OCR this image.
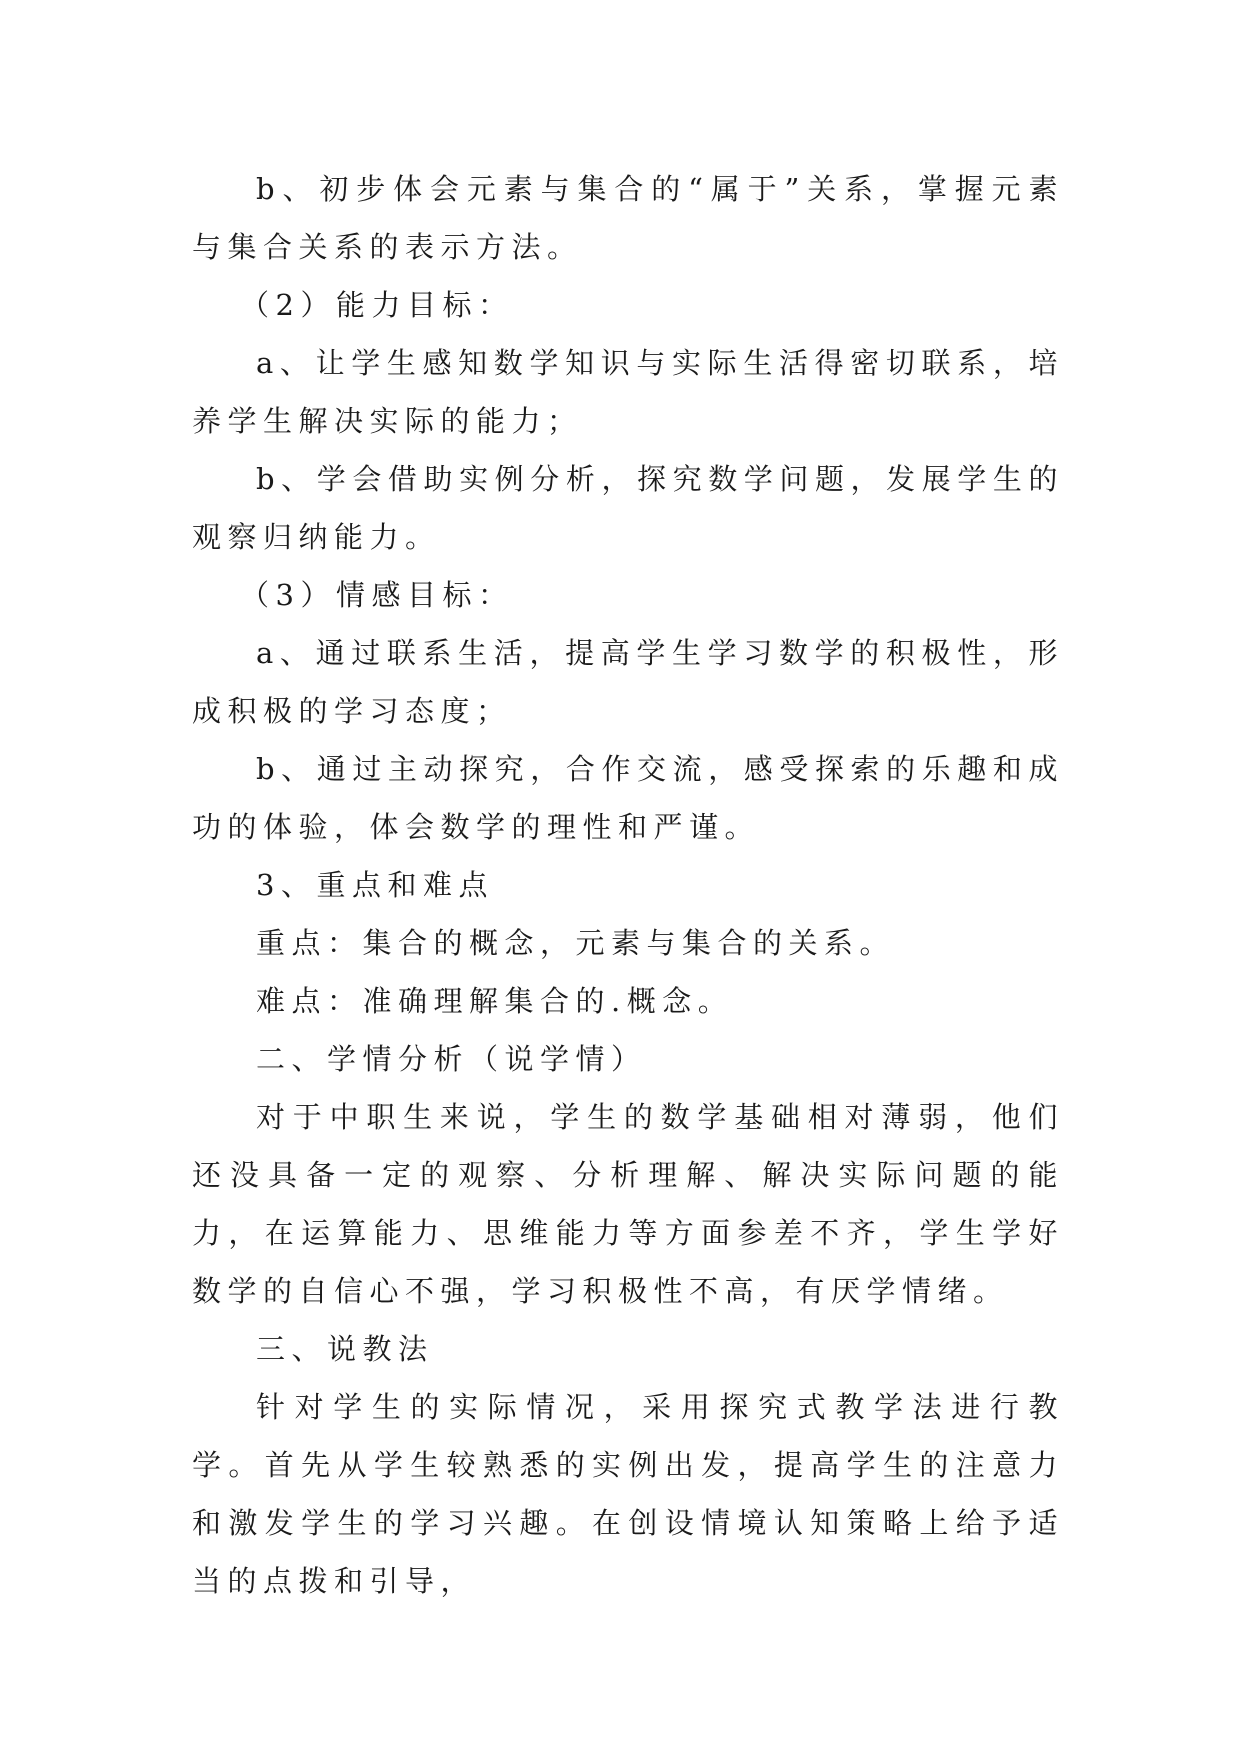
b、初步体会元素与集合的“属于”关系，掌握元素与集合关系的表示方法。

（2）能力目标：

a、让学生感知数学知识与实际生活得密切联系，培养学生解决实际的能力；

b、学会借助实例分析，探究数学问题，发展学生的观察归纳能力。

（3）情感目标：

a、通过联系生活，提高学生学习数学的积极性，形成积极的学习态度；

b、通过主动探究，合作交流，感受探索的乐趣和成功的体验，体会数学的理性和严谨。

3、重点和难点

重点：集合的概念，元素与集合的关系。

难点：准确理解集合的.概念。

二、学情分析（说学情）

对于中职生来说，学生的数学基础相对薄弱，他们还没具备一定的观察、分析理解、解决实际问题的能力，在运算能力、思维能力等方面参差不齐，学生学好数学的自信心不强，学习积极性不高，有厌学情绪。

三、说教法

针对学生的实际情况，采用探究式教学法进行教学。首先从学生较熟悉的实例出发，提高学生的注意力和激发学生的学习兴趣。在创设情境认知策略上给予适当的点拨和引导，
